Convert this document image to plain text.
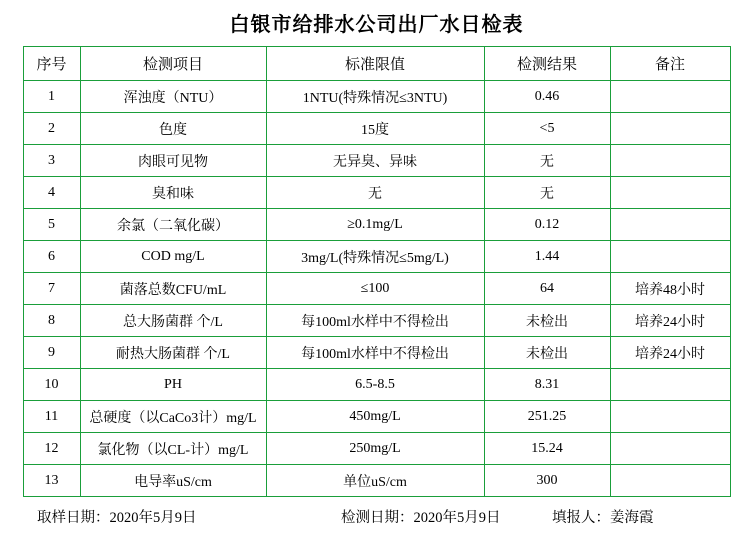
白银市给排水公司出厂水日检表
序号	检测项目	标准限值	检测结果	备注
1	浑浊度（NTU）	1NTU(特殊情况≤3NTU)	0.46	
2	色度	15度	<5	
3	肉眼可见物	无异臭、异味	无	
4	臭和味	无	无	
5	余氯（二氧化碳）	≥0.1mg/L	0.12	
6	COD mg/L	3mg/L(特殊情况≤5mg/L)	1.44	
7	菌落总数CFU/mL	≤100	64	培养48小时
8	总大肠菌群 个/L	每100ml水样中不得检出	未检出	培养24小时
9	耐热大肠菌群 个/L	每100ml水样中不得检出	未检出	培养24小时
10	PH	6.5-8.5	8.31	
11	总硬度（以CaCo3计）mg/L	450mg/L	251.25	
12	氯化物（以CL-计）mg/L	250mg/L	15.24	
13	电导率uS/cm	单位uS/cm	300	
取样日期：2020年5月9日	检测日期：2020年5月9日	填报人：姜海霞
